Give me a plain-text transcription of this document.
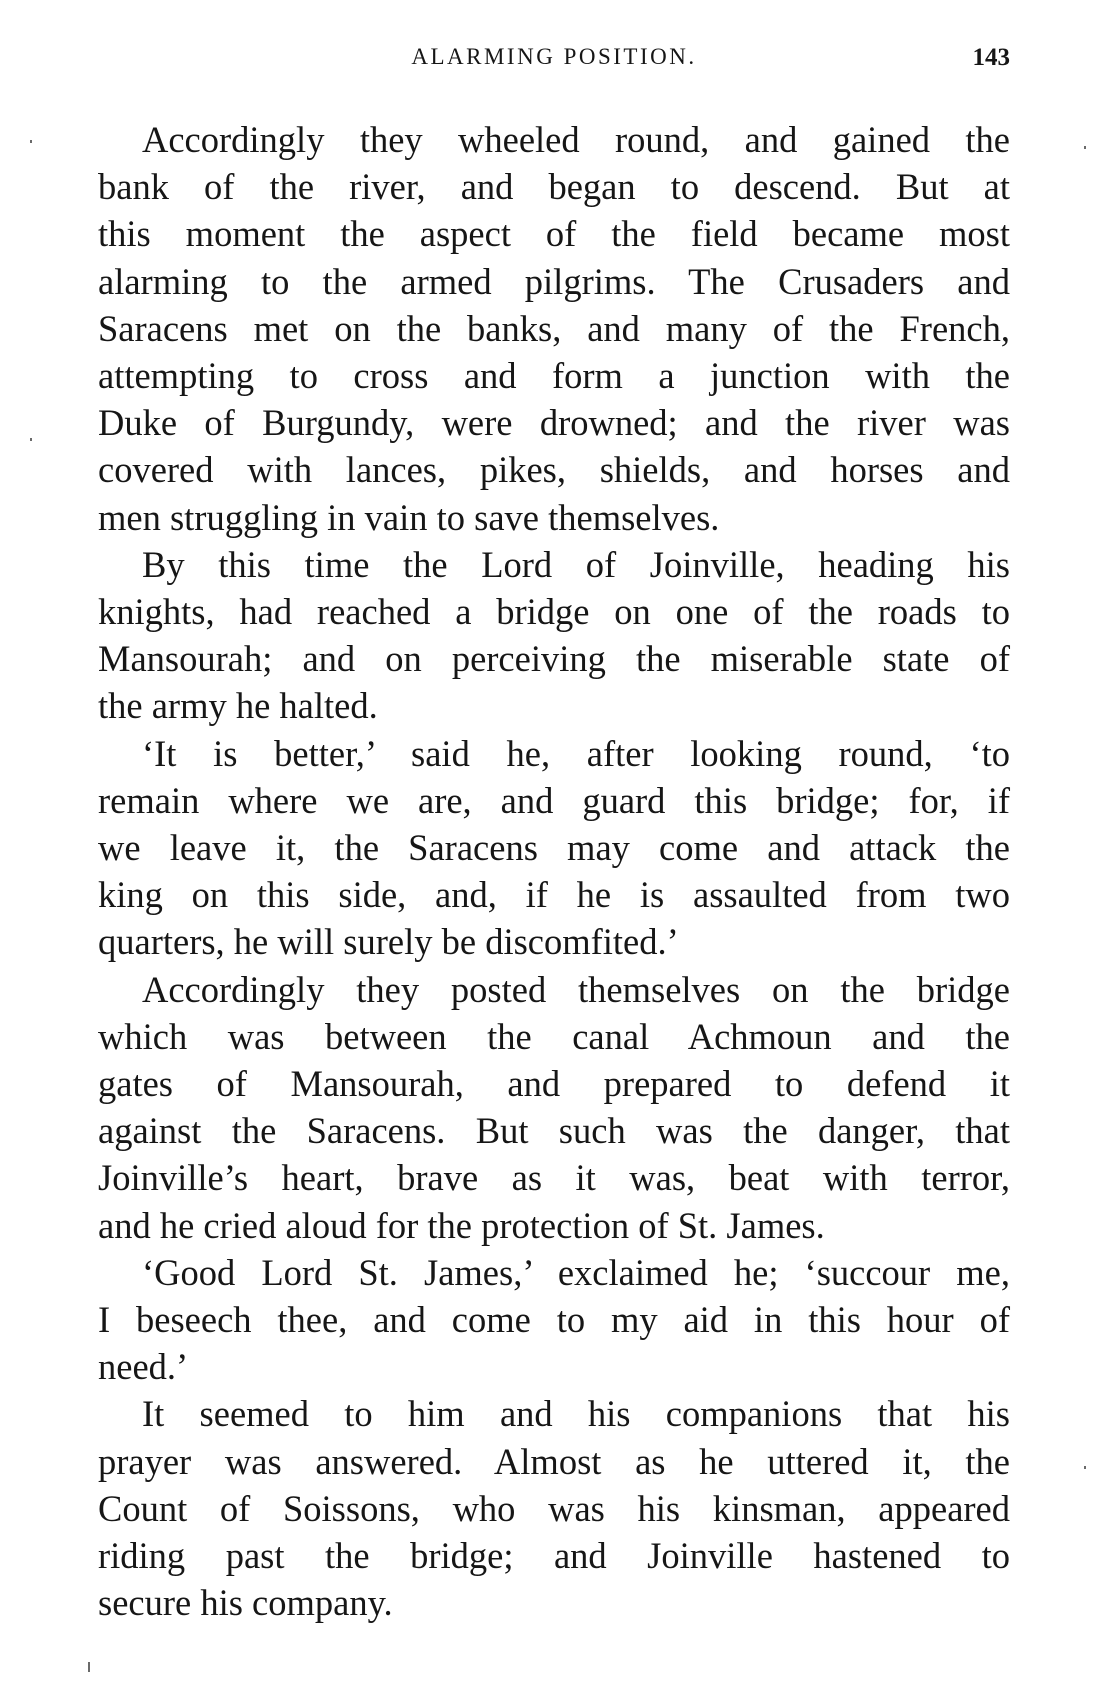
ALARMING POSITION.	143
Accordingly they wheeled round, and gained the
bank of the river, and began to descend. But at
this moment the aspect of the field became most
alarming to the armed pilgrims. The Crusaders and
Saracens met on the banks, and many of the French,
attempting to cross and form a junction with the
Duke of Burgundy, were drowned; and the river was
covered with lances, pikes, shields, and horses and
men struggling in vain to save themselves.
By this time the Lord of Joinville, heading his
knights, had reached a bridge on one of the roads to
Mansourah; and on perceiving the miserable state of
the army he halted.
‘It is better,’ said he, after looking round, ‘to
remain where we are, and guard this bridge; for, if
we leave it, the Saracens may come and attack the
king on this side, and, if he is assaulted from two
quarters, he will surely be discomfited.’
Accordingly they posted themselves on the bridge
which was between the canal Achmoun and the
gates of Mansourah, and prepared to defend it
against the Saracens. But such was the danger, that
Joinville’s heart, brave as it was, beat with terror,
and he cried aloud for the protection of St. James.
‘Good Lord St. James,’ exclaimed he; ‘succour me,
I beseech thee, and come to my aid in this hour of
need.’
It seemed to him and his companions that his
prayer was answered. Almost as he uttered it, the
Count of Soissons, who was his kinsman, appeared
riding past the bridge; and Joinville hastened to
secure his company.
